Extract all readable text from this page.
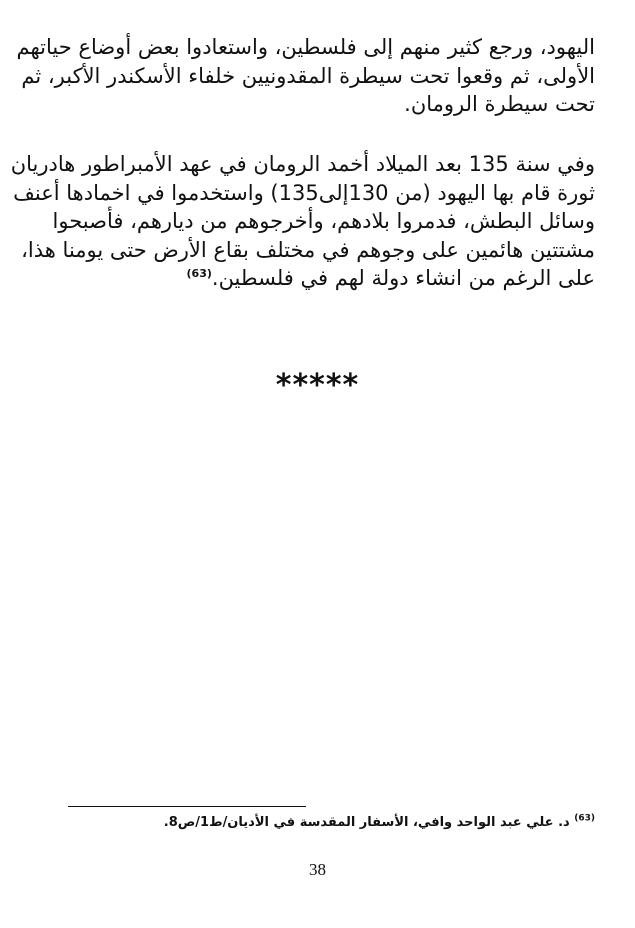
اليهود، ورجع كثير منهم إلى فلسطين، واستعادوا بعض أوضاع حياتهم
الأولى، ثم وقعوا تحت سيطرة المقدونيين خلفاء الأسكندر الأكبر، ثم
تحت سيطرة الرومان.
وفي سنة 135 بعد الميلاد أخمد الرومان في عهد الأمبراطور هادريان
ثورة قام بها اليهود (من 130إلى135) واستخدموا في اخمادها أعنف
وسائل البطش، فدمروا بلادهم، وأخرجوهم من ديارهم، فأصبحوا
مشتتين هائمين على وجوهم في مختلف بقاع الأرض حتى يومنا هذا،
على الرغم من انشاء دولة لهم في فلسطين.$^{(63)}$
*****
$^{(63)}$ د. علي عبد الواحد وافي، الأسفار المقدسة في الأديان/ط1/ص8.
38
